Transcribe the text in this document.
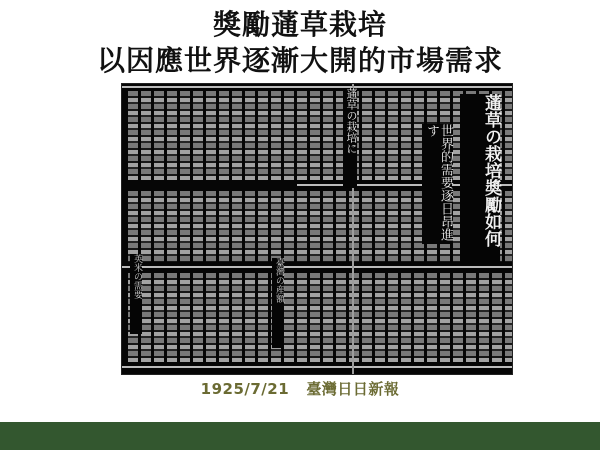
獎勵蓪草栽培
以因應世界逐漸大開的市場需求
蓪草の栽培奬勵如何
世界的需要逐日昂進す
蓪草の栽培に
英米の需要	臺灣の産額
1925/7/21 臺灣日日新報
